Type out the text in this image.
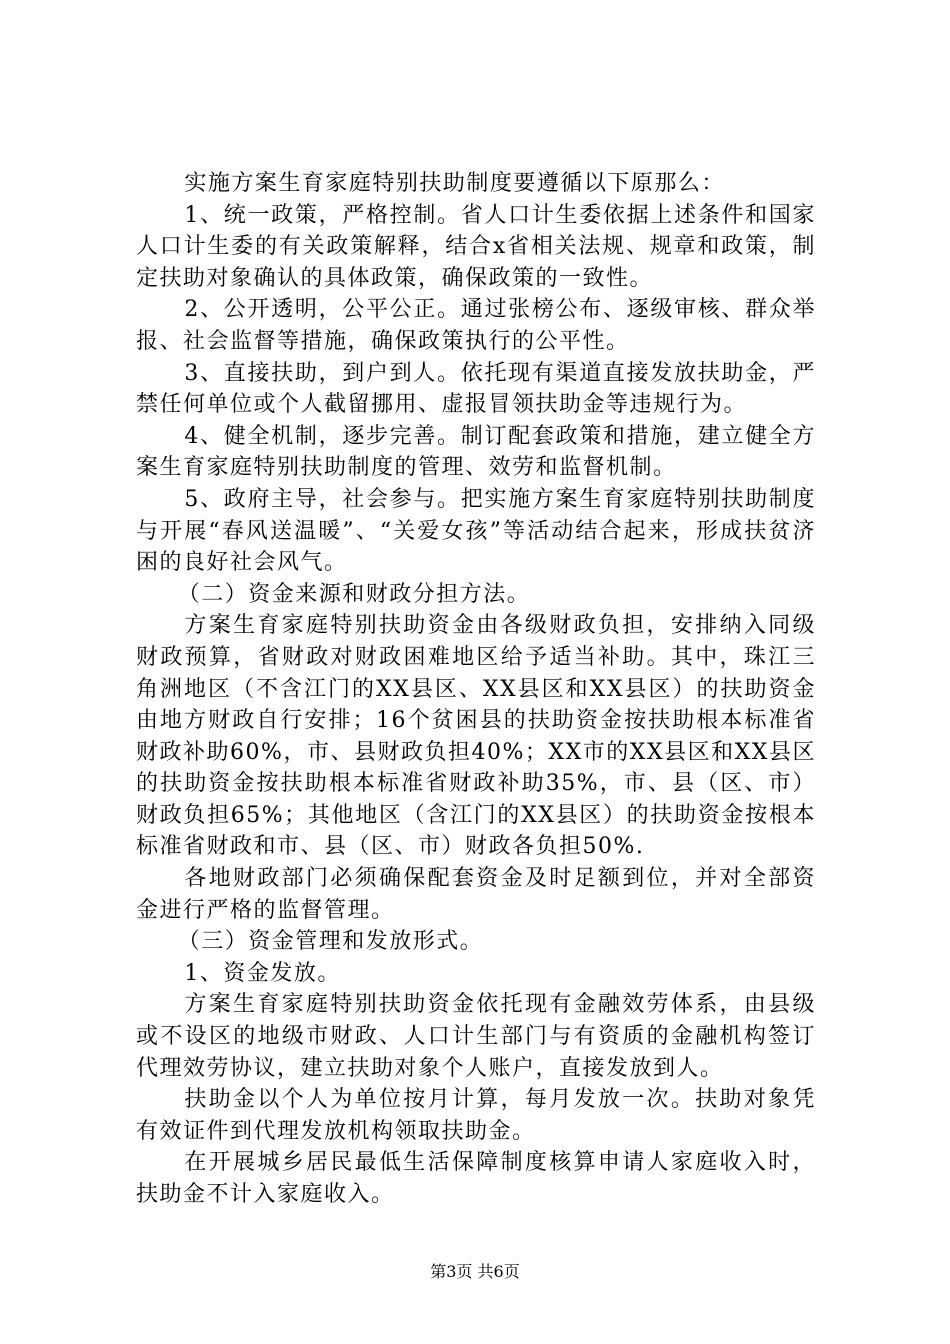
实施方案生育家庭特别扶助制度要遵循以下原那么：

1、统一政策，严格控制。省人口计生委依据上述条件和国家人口计生委的有关政策解释，结合x省相关法规、规章和政策，制定扶助对象确认的具体政策，确保政策的一致性。

2、公开透明，公平公正。通过张榜公布、逐级审核、群众举报、社会监督等措施，确保政策执行的公平性。

3、直接扶助，到户到人。依托现有渠道直接发放扶助金，严禁任何单位或个人截留挪用、虚报冒领扶助金等违规行为。

4、健全机制，逐步完善。制订配套政策和措施，建立健全方案生育家庭特别扶助制度的管理、效劳和监督机制。

5、政府主导，社会参与。把实施方案生育家庭特别扶助制度与开展“春风送温暖”、“关爱女孩”等活动结合起来，形成扶贫济困的良好社会风气。

（二）资金来源和财政分担方法。

方案生育家庭特别扶助资金由各级财政负担，安排纳入同级财政预算，省财政对财政困难地区给予适当补助。其中，珠江三角洲地区（不含江门的XX县区、XX县区和XX县区）的扶助资金由地方财政自行安排；16个贫困县的扶助资金按扶助根本标准省财政补助60%，市、县财政负担40%；XX市的XX县区和XX县区的扶助资金按扶助根本标准省财政补助35%，市、县（区、市）财政负担65%；其他地区（含江门的XX县区）的扶助资金按根本标准省财政和市、县（区、市）财政各负担50%.

各地财政部门必须确保配套资金及时足额到位，并对全部资金进行严格的监督管理。

（三）资金管理和发放形式。

1、资金发放。

方案生育家庭特别扶助资金依托现有金融效劳体系，由县级或不设区的地级市财政、人口计生部门与有资质的金融机构签订代理效劳协议，建立扶助对象个人账户，直接发放到人。

扶助金以个人为单位按月计算，每月发放一次。扶助对象凭有效证件到代理发放机构领取扶助金。

在开展城乡居民最低生活保障制度核算申请人家庭收入时，扶助金不计入家庭收入。

第3页 共6页
